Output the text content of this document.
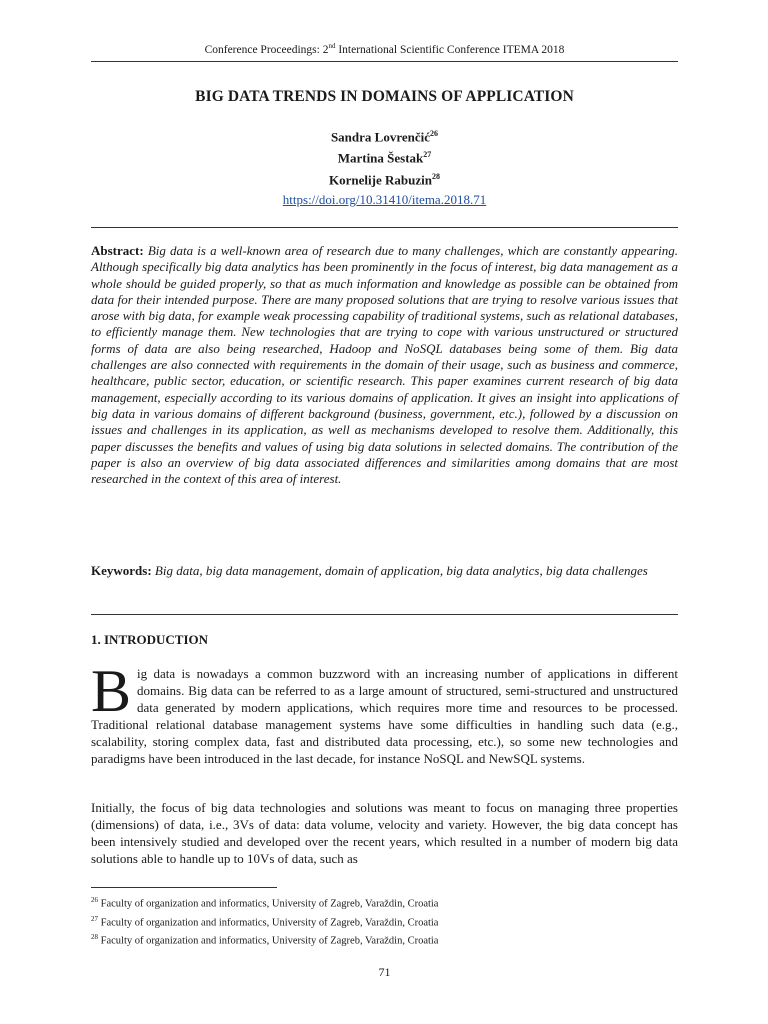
Conference Proceedings: 2nd International Scientific Conference ITEMA 2018
BIG DATA TRENDS IN DOMAINS OF APPLICATION
Sandra Lovrenčić$^{26}$
Martina Šestak$^{27}$
Kornelije Rabuzin$^{28}$
https://doi.org/10.31410/itema.2018.71
Abstract: Big data is a well-known area of research due to many challenges, which are constantly appearing. Although specifically big data analytics has been prominently in the focus of interest, big data management as a whole should be guided properly, so that as much information and knowledge as possible can be obtained from data for their intended purpose. There are many proposed solutions that are trying to resolve various issues that arose with big data, for example weak processing capability of traditional systems, such as relational databases, to efficiently manage them. New technologies that are trying to cope with various unstructured or structured forms of data are also being researched, Hadoop and NoSQL databases being some of them. Big data challenges are also connected with requirements in the domain of their usage, such as business and commerce, healthcare, public sector, education, or scientific research. This paper examines current research of big data management, especially according to its various domains of application. It gives an insight into applications of big data in various domains of different background (business, government, etc.), followed by a discussion on issues and challenges in its application, as well as mechanisms developed to resolve them. Additionally, this paper discusses the benefits and values of using big data solutions in selected domains. The contribution of the paper is also an overview of big data associated differences and similarities among domains that are most researched in the context of this area of interest.
Keywords: Big data, big data management, domain of application, big data analytics, big data challenges
1. INTRODUCTION
Big data is nowadays a common buzzword with an increasing number of applications in different domains. Big data can be referred to as a large amount of structured, semi-structured and unstructured data generated by modern applications, which requires more time and resources to be processed. Traditional relational database management systems have some difficulties in handling such data (e.g., scalability, storing complex data, fast and distributed data processing, etc.), so some new technologies and paradigms have been introduced in the last decade, for instance NoSQL and NewSQL systems.
Initially, the focus of big data technologies and solutions was meant to focus on managing three properties (dimensions) of data, i.e., 3Vs of data: data volume, velocity and variety. However, the big data concept has been intensively studied and developed over the recent years, which resulted in a number of modern big data solutions able to handle up to 10Vs of data, such as
$^{26}$ Faculty of organization and informatics, University of Zagreb, Varaždin, Croatia
$^{27}$ Faculty of organization and informatics, University of Zagreb, Varaždin, Croatia
$^{28}$ Faculty of organization and informatics, University of Zagreb, Varaždin, Croatia
71
